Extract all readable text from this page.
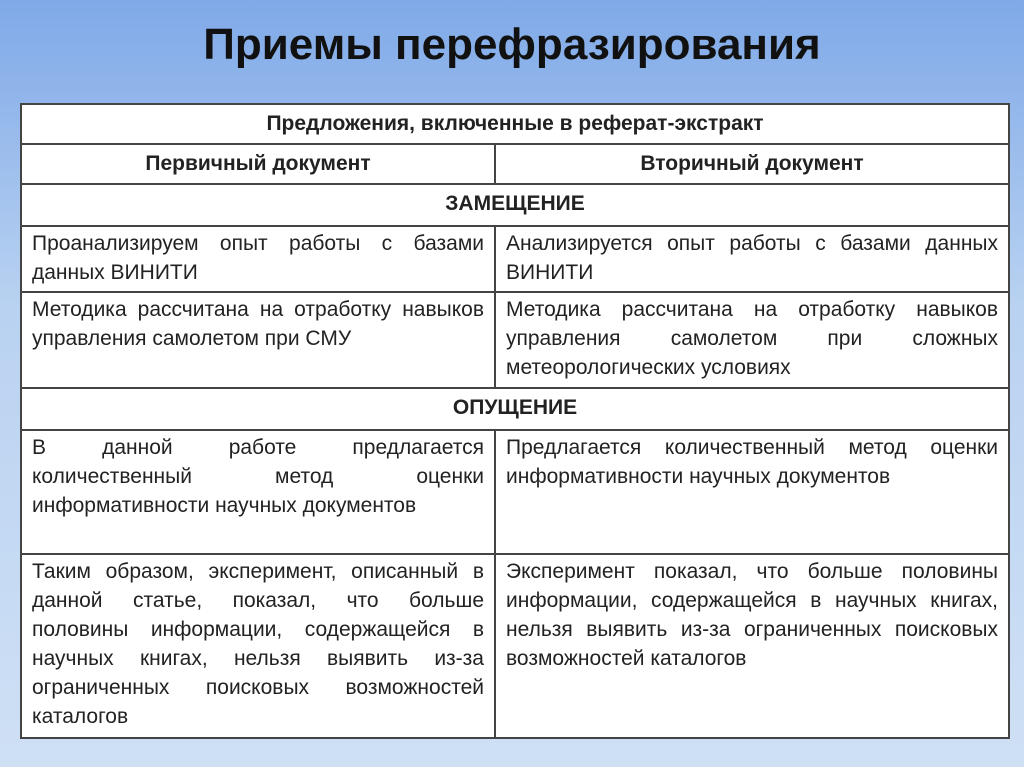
Приемы перефразирования
Предложения, включенные в реферат-экстракт	
Первичный документ	Вторичный документ
ЗАМЕЩЕНИЕ	
Проанализируем опыт работы с базами данных ВИНИТИ	Анализируется опыт работы с базами данных ВИНИТИ
Методика рассчитана на отработку навыков управления самолетом при СМУ	Методика рассчитана на отработку навыков управления самолетом при сложных метеорологических условиях
ОПУЩЕНИЕ	
В данной работе предлагается количественный метод оценки информативности научных документов	Предлагается количественный метод оценки информативности научных документов
Таким образом, эксперимент, описанный в данной статье, показал, что больше половины информации, содержащейся в научных книгах, нельзя выявить из-за ограниченных поисковых возможностей каталогов	Эксперимент показал, что больше половины информации, содержащейся в научных книгах, нельзя выявить из-за ограниченных поисковых возможностей каталогов
